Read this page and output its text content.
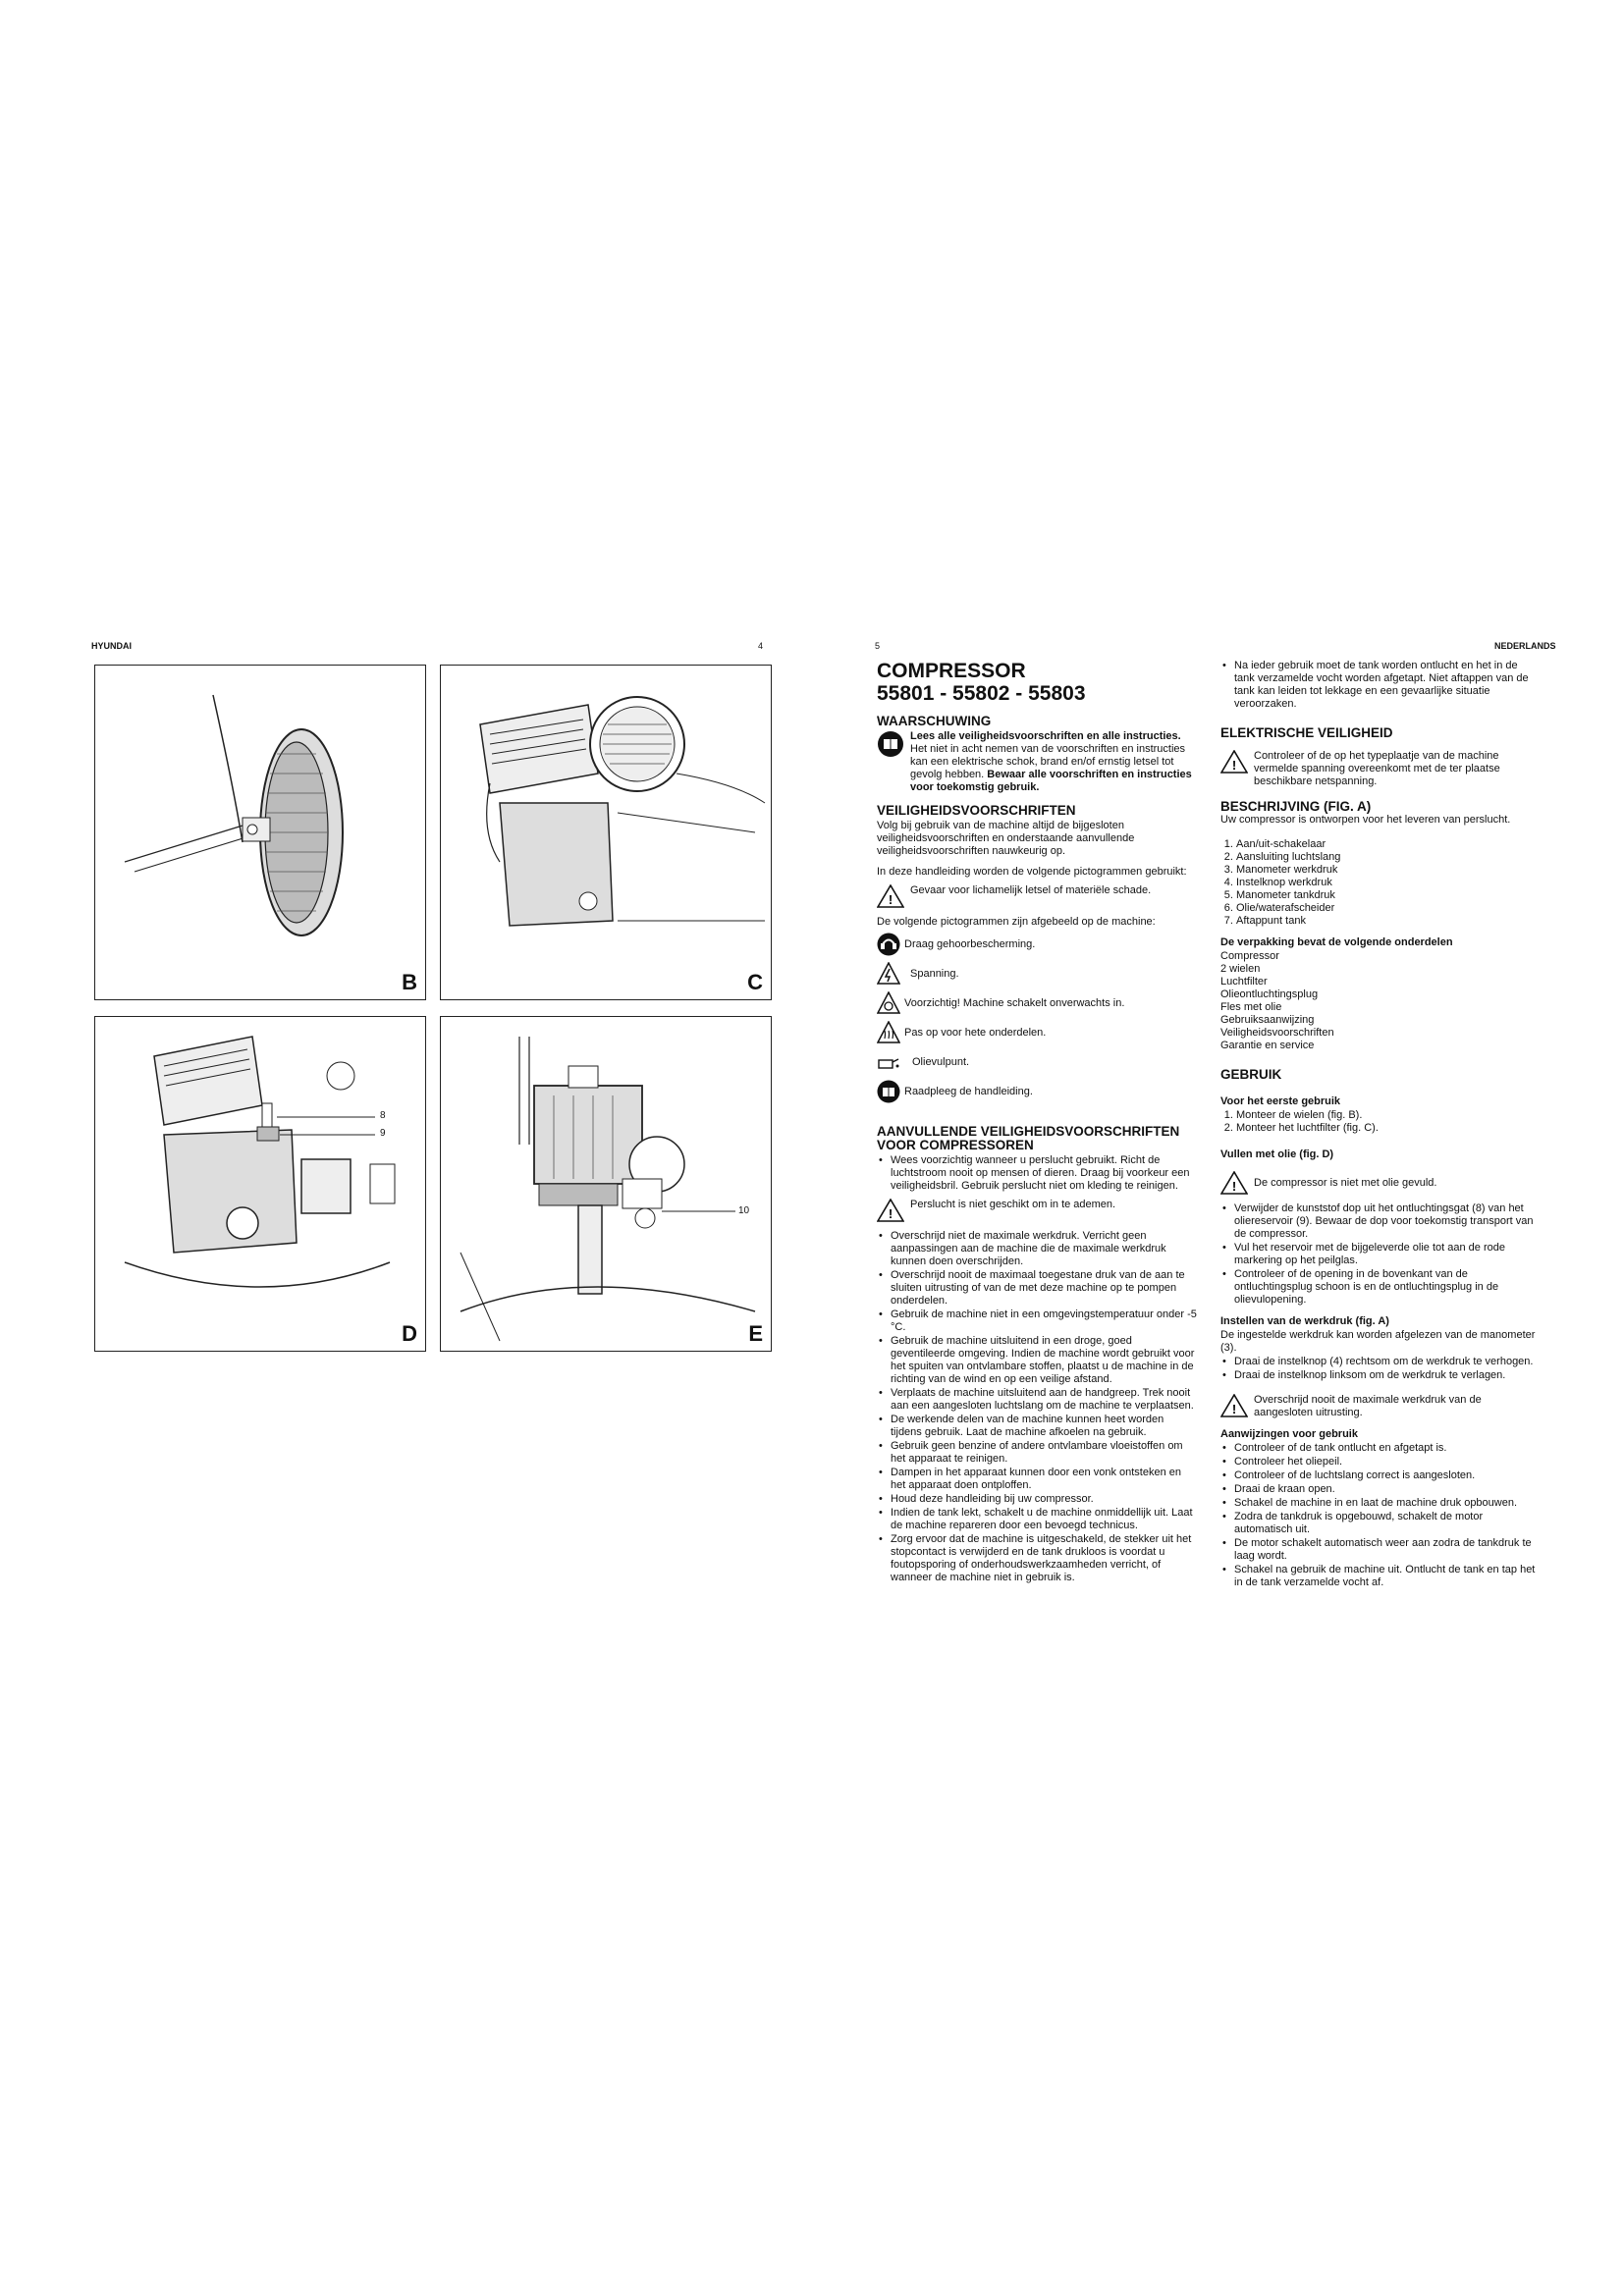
HYUNDAI	4
B	C
8
9
D
10
E
5	NEDERLANDS
COMPRESSOR
55801 - 55802 - 55803
WAARSCHUWING
Lees alle veiligheidsvoorschriften en alle instructies. Het niet in acht nemen van de voorschriften en instructies kan een elektrische schok, brand en/of ernstig letsel tot gevolg hebben. Bewaar alle voorschriften en instructies voor toekomstig gebruik.
VEILIGHEIDSVOORSCHRIFTEN

Volg bij gebruik van de machine altijd de bijgesloten veiligheidsvoorschriften en onderstaande aanvullende veiligheidsvoorschriften nauwkeurig op.

In deze handleiding worden de volgende pictogrammen gebruikt:

!
Gevaar voor lichamelijk letsel of materiële schade.

De volgende pictogrammen zijn afgebeeld op de machine:

Draag gehoorbescherming.
Spanning.
Voorzichtig! Machine schakelt onverwachts in.
Pas op voor hete onderdelen.
Olievulpunt.
Raadpleeg de handleiding.
AANVULLENDE VEILIGHEIDSVOORSCHRIFTEN
VOOR COMPRESSOREN
• Wees voorzichtig wanneer u perslucht gebruikt. Richt de luchtstroom nooit op mensen of dieren. Draag bij voorkeur een veiligheidsbril. Gebruik perslucht niet om kleding te reinigen.
!
Perslucht is niet geschikt om in te ademen.
• Overschrijd niet de maximale werkdruk. Verricht geen aanpassingen aan de machine die de maximale werkdruk kunnen doen overschrijden.
• Overschrijd nooit de maximaal toegestane druk van de aan te sluiten uitrusting of van de met deze machine op te pompen onderdelen.
• Gebruik de machine niet in een omgevingstemperatuur onder -5 °C.
• Gebruik de machine uitsluitend in een droge, goed geventileerde omgeving. Indien de machine wordt gebruikt voor het spuiten van ontvlambare stoffen, plaatst u de machine in de richting van de wind en op een veilige afstand.
• Verplaats de machine uitsluitend aan de handgreep. Trek nooit aan een aangesloten luchtslang om de machine te verplaatsen.
• De werkende delen van de machine kunnen heet worden tijdens gebruik. Laat de machine afkoelen na gebruik.
• Gebruik geen benzine of andere ontvlambare vloeistoffen om het apparaat te reinigen.
• Dampen in het apparaat kunnen door een vonk ontsteken en het apparaat doen ontploffen.
• Houd deze handleiding bij uw compressor.
• Indien de tank lekt, schakelt u de machine onmiddellijk uit. Laat de machine repareren door een bevoegd technicus.
• Zorg ervoor dat de machine is uitgeschakeld, de stekker uit het stopcontact is verwijderd en de tank drukloos is voordat u foutopsporing of onderhoudswerkzaamheden verricht, of wanneer de machine niet in gebruik is.
• Na ieder gebruik moet de tank worden ontlucht en het in de tank verzamelde vocht worden afgetapt. Niet aftappen van de tank kan leiden tot lekkage en een gevaarlijke situatie veroorzaken.
ELEKTRISCHE VEILIGHEID
!
Controleer of de op het typeplaatje van de machine vermelde spanning overeenkomt met de ter plaatse beschikbare netspanning.
BESCHRIJVING (FIG. A)

Uw compressor is ontworpen voor het leveren van perslucht.

1. Aan/uit-schakelaar
2. Aansluiting luchtslang
3. Manometer werkdruk
4. Instelknop werkdruk
5. Manometer tankdruk
6. Olie/waterafscheider
7. Aftappunt tank
De verpakking bevat de volgende onderdelen
Compressor
2 wielen
Luchtfilter
Olieontluchtingsplug
Fles met olie
Gebruiksaanwijzing
Veiligheidsvoorschriften
Garantie en service
GEBRUIK
Voor het eerste gebruik
1. Monteer de wielen (fig. B).
2. Monteer het luchtfilter (fig. C).
Vullen met olie (fig. D)
! De compressor is niet met olie gevuld.
• Verwijder de kunststof dop uit het ontluchtingsgat (8) van het oliereservoir (9). Bewaar de dop voor toekomstig transport van de compressor.
• Vul het reservoir met de bijgeleverde olie tot aan de rode markering op het peilglas.
• Controleer of de opening in de bovenkant van de ontluchtingsplug schoon is en de ontluchtingsplug in de olievulopening.
Instellen van de werkdruk (fig. A)

De ingestelde werkdruk kan worden afgelezen van de manometer (3).

• Draai de instelknop (4) rechtsom om de werkdruk te verhogen.
• Draai de instelknop linksom om de werkdruk te verlagen.
!
Overschrijd nooit de maximale werkdruk van de aangesloten uitrusting.
Aanwijzingen voor gebruik
• Controleer of de tank ontlucht en afgetapt is.
• Controleer het oliepeil.
• Controleer of de luchtslang correct is aangesloten.
• Draai de kraan open.
• Schakel de machine in en laat de machine druk opbouwen.
• Zodra de tankdruk is opgebouwd, schakelt de motor automatisch uit.
• De motor schakelt automatisch weer aan zodra de tankdruk te laag wordt.
• Schakel na gebruik de machine uit. Ontlucht de tank en tap het in de tank verzamelde vocht af.
